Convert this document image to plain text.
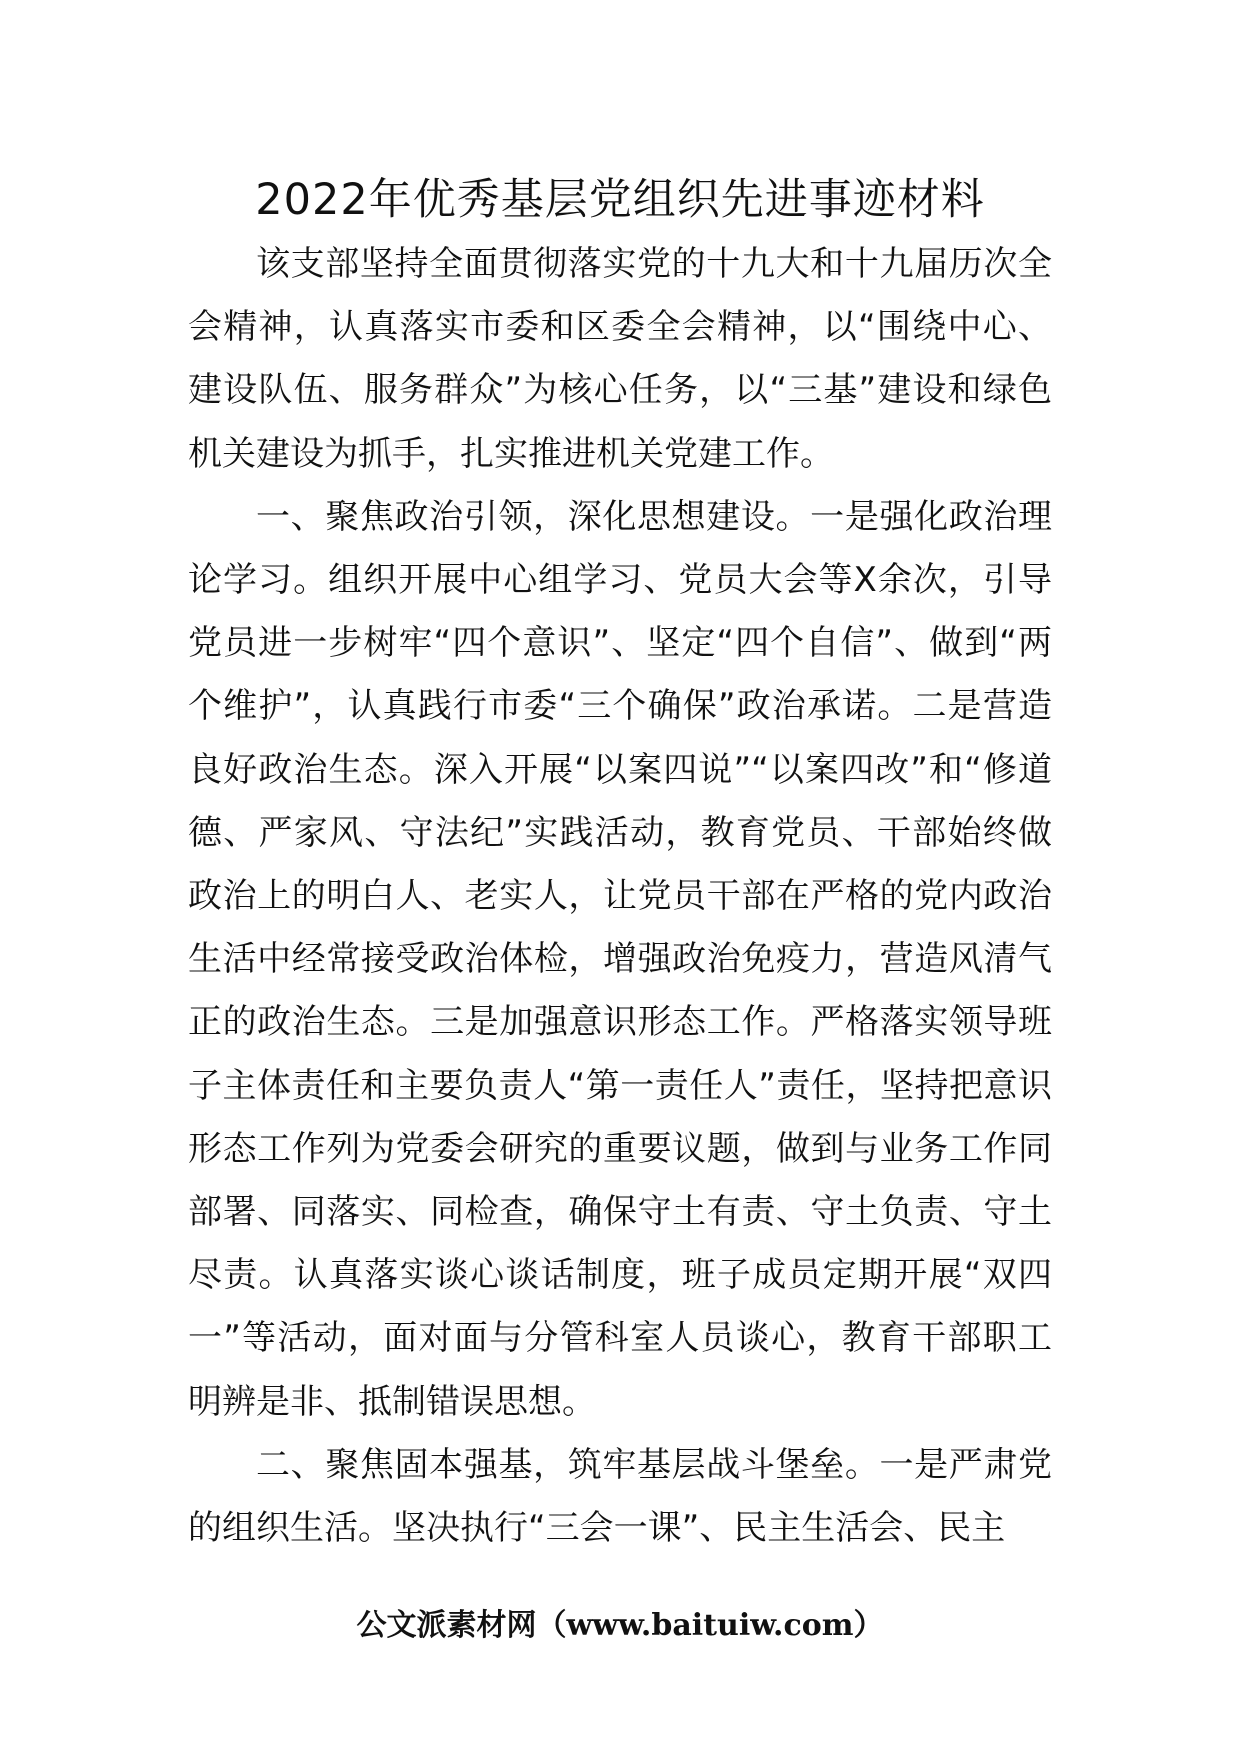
2022年优秀基层党组织先进事迹材料

该支部坚持全面贯彻落实党的十九大和十九届历次全会精神，认真落实市委和区委全会精神，以“围绕中心、建设队伍、服务群众”为核心任务，以“三基”建设和绿色机关建设为抓手，扎实推进机关党建工作。

一、聚焦政治引领，深化思想建设。一是强化政治理论学习。组织开展中心组学习、党员大会等X余次，引导党员进一步树牢“四个意识”、坚定“四个自信”、做到“两个维护”，认真践行市委“三个确保”政治承诺。二是营造良好政治生态。深入开展“以案四说”“以案四改”和“修道德、严家风、守法纪”实践活动，教育党员、干部始终做政治上的明白人、老实人，让党员干部在严格的党内政治生活中经常接受政治体检，增强政治免疫力，营造风清气正的政治生态。三是加强意识形态工作。严格落实领导班子主体责任和主要负责人“第一责任人”责任，坚持把意识形态工作列为党委会研究的重要议题，做到与业务工作同部署、同落实、同检查，确保守土有责、守土负责、守土尽责。认真落实谈心谈话制度，班子成员定期开展“双四一”等活动，面对面与分管科室人员谈心，教育干部职工明辨是非、抵制错误思想。

二、聚焦固本强基，筑牢基层战斗堡垒。一是严肃党的组织生活。坚决执行“三会一课”、民主生活会、民主

公文派素材网（www.baituiw.com）
